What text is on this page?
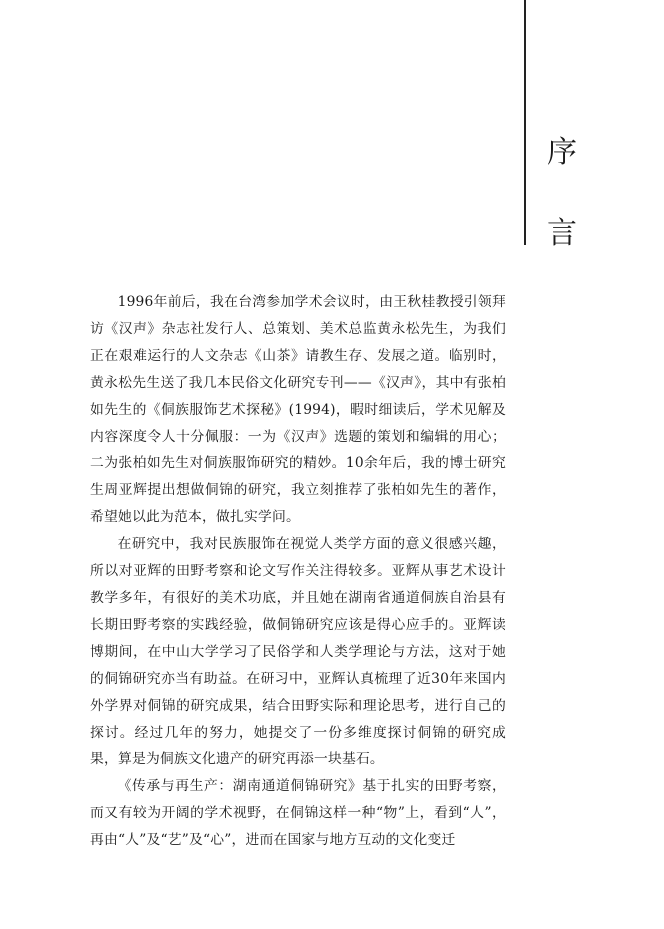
序
言

1996年前后，我在台湾参加学术会议时，由王秋桂教授引领拜访《汉声》杂志社发行人、总策划、美术总监黄永松先生，为我们正在艰难运行的人文杂志《山茶》请教生存、发展之道。临别时，黄永松先生送了我几本民俗文化研究专刊——《汉声》，其中有张柏如先生的《侗族服饰艺术探秘》(1994)，暇时细读后，学术见解及内容深度令人十分佩服：一为《汉声》选题的策划和编辑的用心；二为张柏如先生对侗族服饰研究的精妙。10余年后，我的博士研究生周亚辉提出想做侗锦的研究，我立刻推荐了张柏如先生的著作，希望她以此为范本，做扎实学问。

在研究中，我对民族服饰在视觉人类学方面的意义很感兴趣，所以对亚辉的田野考察和论文写作关注得较多。亚辉从事艺术设计教学多年，有很好的美术功底，并且她在湖南省通道侗族自治县有长期田野考察的实践经验，做侗锦研究应该是得心应手的。亚辉读博期间，在中山大学学习了民俗学和人类学理论与方法，这对于她的侗锦研究亦当有助益。在研习中，亚辉认真梳理了近30年来国内外学界对侗锦的研究成果，结合田野实际和理论思考，进行自己的探讨。经过几年的努力，她提交了一份多维度探讨侗锦的研究成果，算是为侗族文化遗产的研究再添一块基石。

《传承与再生产：湖南通道侗锦研究》基于扎实的田野考察，而又有较为开阔的学术视野，在侗锦这样一种“物”上，看到“人”，再由“人”及“艺”及“心”，进而在国家与地方互动的文化变迁
